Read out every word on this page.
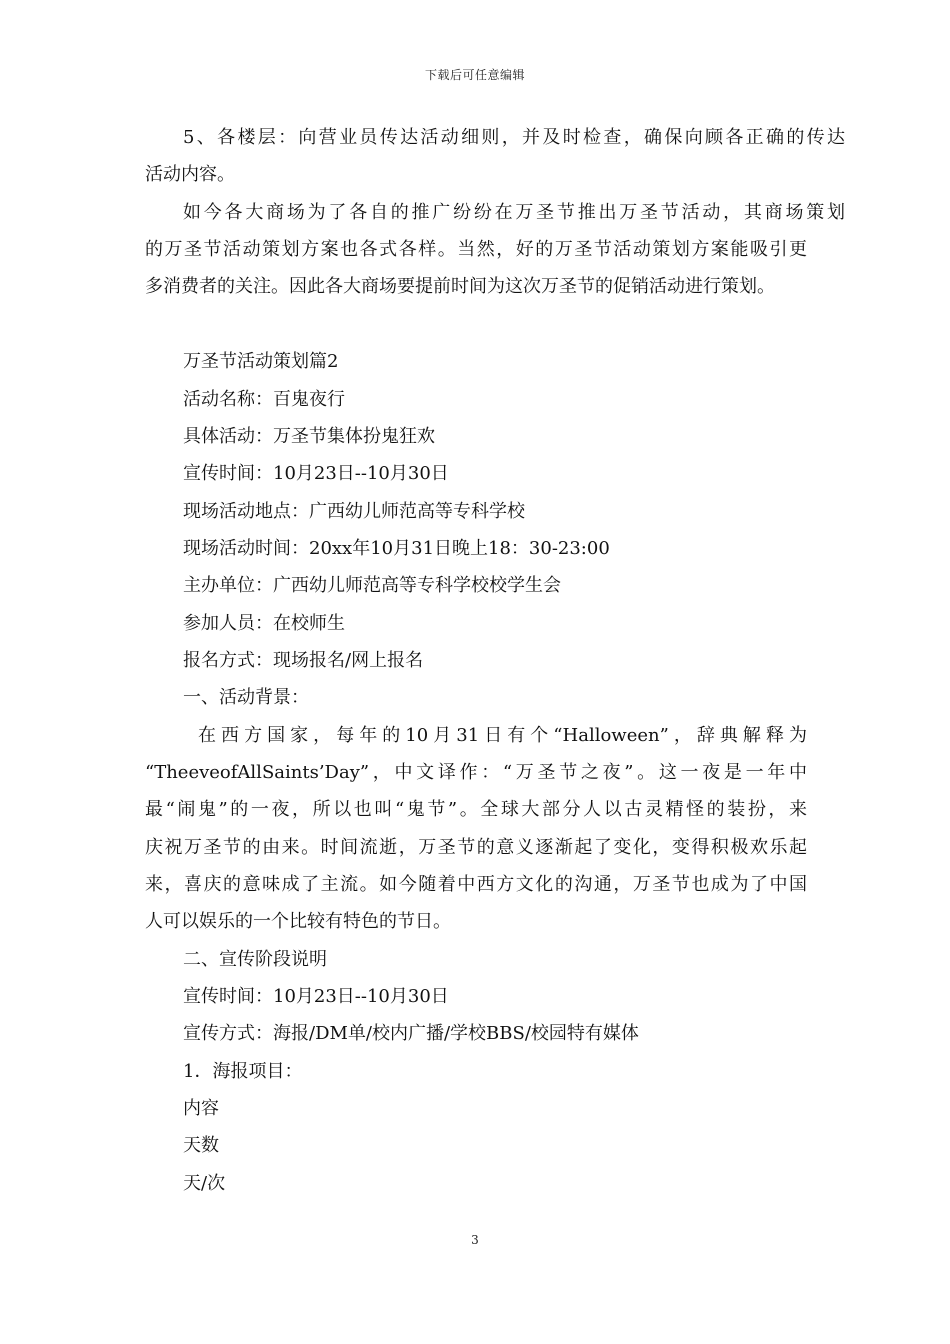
下载后可任意编辑
5、各楼层：向营业员传达活动细则，并及时检查，确保向顾各正确的传达
活动内容。
如今各大商场为了各自的推广纷纷在万圣节推出万圣节活动，其商场策划
的万圣节活动策划方案也各式各样。当然，好的万圣节活动策划方案能吸引更
多消费者的关注。因此各大商场要提前时间为这次万圣节的促销活动进行策划。
万圣节活动策划篇2
活动名称：百鬼夜行
具体活动：万圣节集体扮鬼狂欢
宣传时间：10月23日--10月30日
现场活动地点：广西幼儿师范高等专科学校
现场活动时间：20xx年10月31日晚上18：30-23:00
主办单位：广西幼儿师范高等专科学校校学生会
参加人员：在校师生
报名方式：现场报名/网上报名
一、活动背景：
在西方国家，每年的10月31日有个“Halloween”，辞典解释为
“TheeveofAllSaints’Day”，中文译作：“万圣节之夜”。这一夜是一年中
最“闹鬼”的一夜，所以也叫“鬼节”。全球大部分人以古灵精怪的装扮，来
庆祝万圣节的由来。时间流逝，万圣节的意义逐渐起了变化，变得积极欢乐起
来，喜庆的意味成了主流。如今随着中西方文化的沟通，万圣节也成为了中国
人可以娱乐的一个比较有特色的节日。
二、宣传阶段说明
宣传时间：10月23日--10月30日
宣传方式：海报/DM单/校内广播/学校BBS/校园特有媒体
1．海报项目：
内容
天数
天/次
3
